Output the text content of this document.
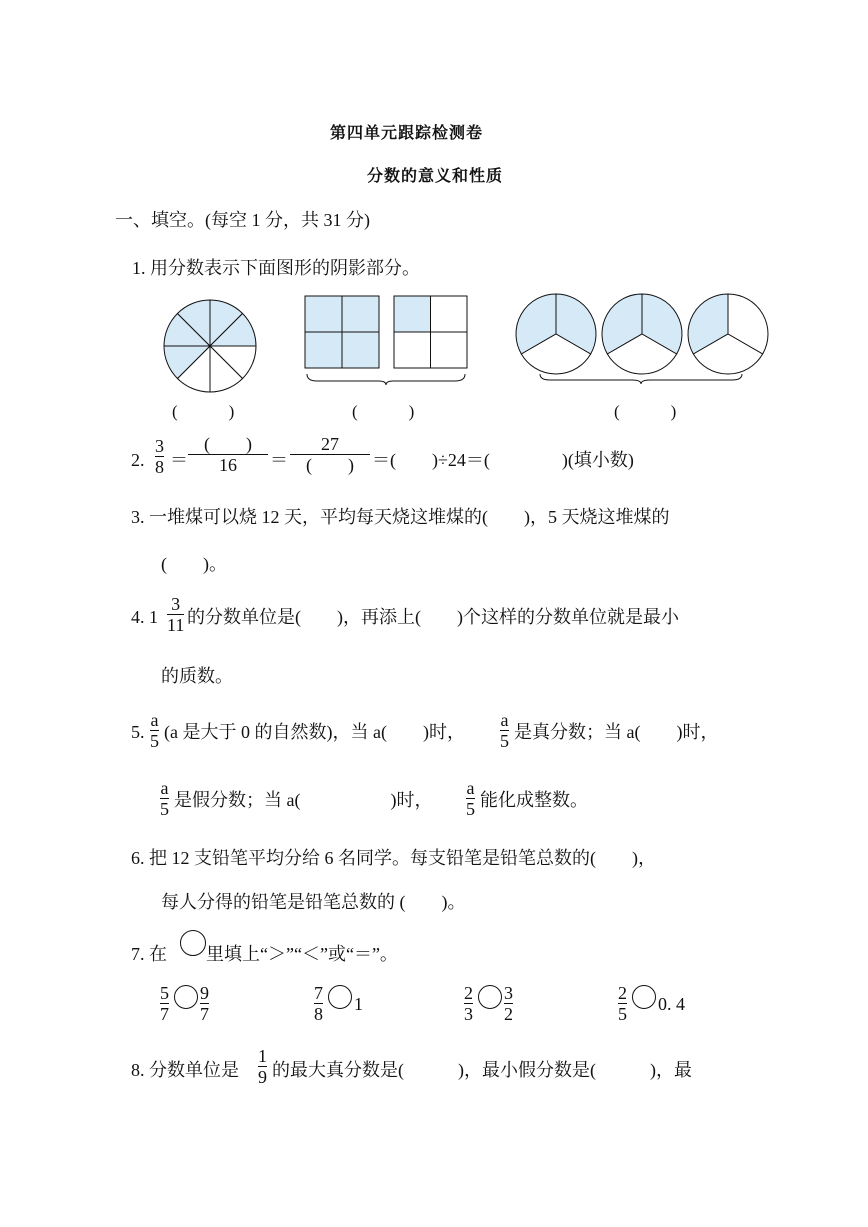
第四单元跟踪检测卷
分数的意义和性质
一、填空。(每空 1 分，共 31 分)
1. 用分数表示下面图形的阴影部分。
(　　　)	(　　　)	(　　　)
2.
3
8 ＝
(　　)
16 ＝
27
(　　) ＝(　　)÷24＝(　　　　)(填小数)
3. 一堆煤可以烧 12 天，平均每天烧这堆煤的(　　)，5 天烧这堆煤的
(　　)。
4. 1
3
11 的分数单位是(　　)，再添上(　　)个这样的分数单位就是最小
的质数。
5.
a
5 (a 是大于 0 的自然数)，当 a(　　)时，
a
5 是真分数；当 a(　　)时，
a
5 是假分数；当 a(　　　　　)时，
a
5 能化成整数。
6. 把 12 支铅笔平均分给 6 名同学。每支铅笔是铅笔总数的(　　)，
每人分得的铅笔是铅笔总数的 (　　)。
7. 在 里填上“＞”“＜”或“＝”。
5
7
9
7
7
8 1
2
3
3
2
2
5 0. 4
8. 分数单位是
1
9 的最大真分数是(　　　)，最小假分数是(　　　)，最
